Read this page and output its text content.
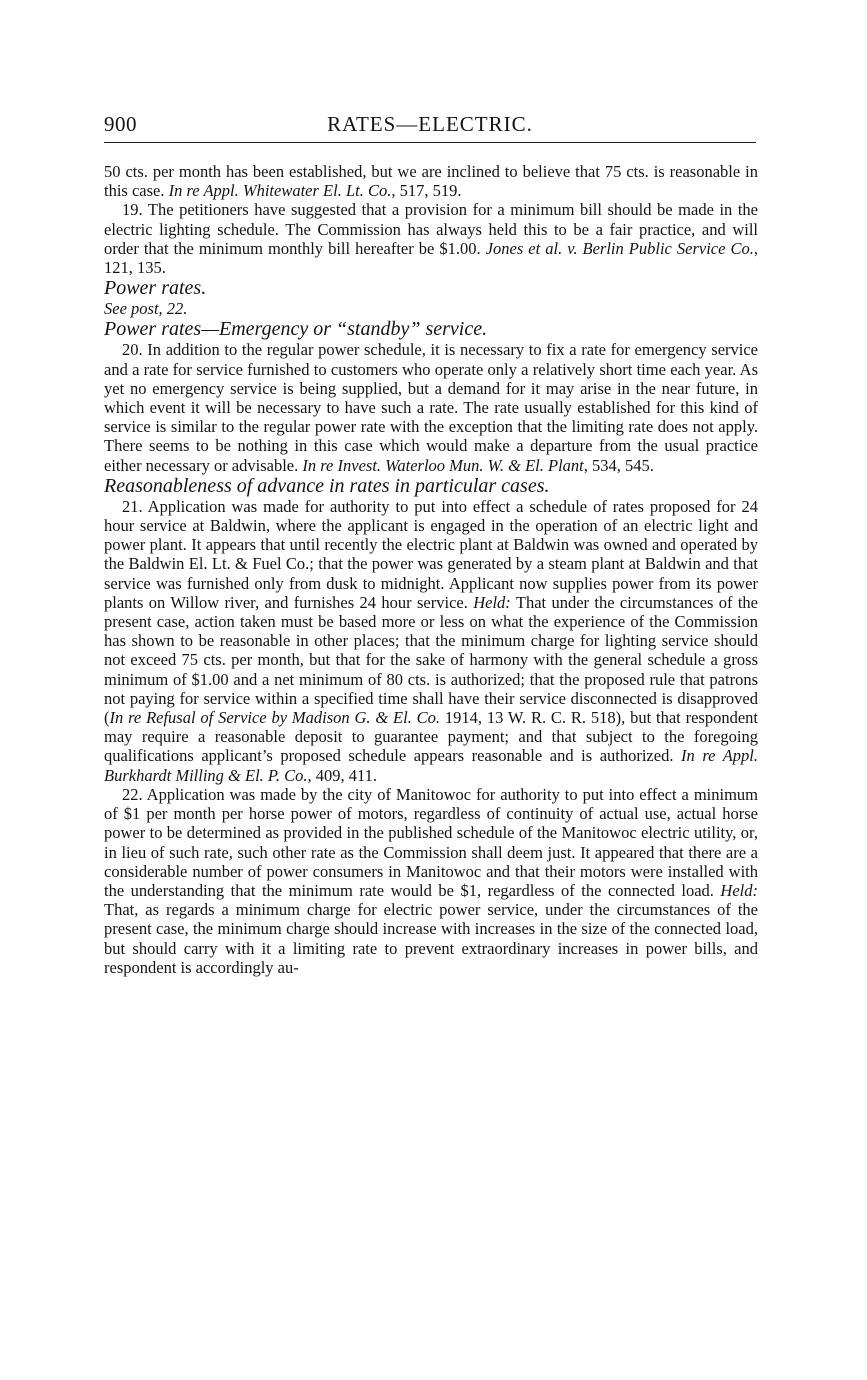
900	RATES—ELECTRIC.

50 cts. per month has been established, but we are inclined to believe that 75 cts. is reasonable in this case. In re Appl. Whitewater El. Lt. Co., 517, 519.

19. The petitioners have suggested that a provision for a minimum bill should be made in the electric lighting schedule. The Commission has always held this to be a fair practice, and will order that the minimum monthly bill hereafter be $1.00. Jones et al. v. Berlin Public Service Co., 121, 135.

Power rates.

See post, 22.

Power rates—Emergency or “standby” service.

20. In addition to the regular power schedule, it is necessary to fix a rate for emergency service and a rate for service furnished to customers who operate only a relatively short time each year. As yet no emergency service is being supplied, but a demand for it may arise in the near future, in which event it will be necessary to have such a rate. The rate usually established for this kind of service is similar to the regular power rate with the exception that the limiting rate does not apply. There seems to be nothing in this case which would make a departure from the usual practice either necessary or advisable. In re Invest. Waterloo Mun. W. & El. Plant, 534, 545.

Reasonableness of advance in rates in particular cases.

21. Application was made for authority to put into effect a schedule of rates proposed for 24 hour service at Baldwin, where the applicant is engaged in the operation of an electric light and power plant. It appears that until recently the electric plant at Baldwin was owned and operated by the Baldwin El. Lt. & Fuel Co.; that the power was generated by a steam plant at Baldwin and that service was furnished only from dusk to midnight. Applicant now supplies power from its power plants on Willow river, and furnishes 24 hour service. Held: That under the circumstances of the present case, action taken must be based more or less on what the experience of the Commission has shown to be reasonable in other places; that the minimum charge for lighting service should not exceed 75 cts. per month, but that for the sake of harmony with the general schedule a gross minimum of $1.00 and a net minimum of 80 cts. is authorized; that the proposed rule that patrons not paying for service within a specified time shall have their service disconnected is disapproved (In re Refusal of Service by Madison G. & El. Co. 1914, 13 W. R. C. R. 518), but that respondent may require a reasonable deposit to guarantee payment; and that subject to the foregoing qualifications applicant’s proposed schedule appears reasonable and is authorized. In re Appl. Burkhardt Milling & El. P. Co., 409, 411.

22. Application was made by the city of Manitowoc for authority to put into effect a minimum of $1 per month per horse power of motors, regardless of continuity of actual use, actual horse power to be determined as provided in the published schedule of the Manitowoc electric utility, or, in lieu of such rate, such other rate as the Commission shall deem just. It appeared that there are a considerable number of power consumers in Manitowoc and that their motors were installed with the understanding that the minimum rate would be $1, regardless of the connected load. Held: That, as regards a minimum charge for electric power service, under the circumstances of the present case, the minimum charge should increase with increases in the size of the connected load, but should carry with it a limiting rate to prevent extraordinary increases in power bills, and respondent is accordingly au-
